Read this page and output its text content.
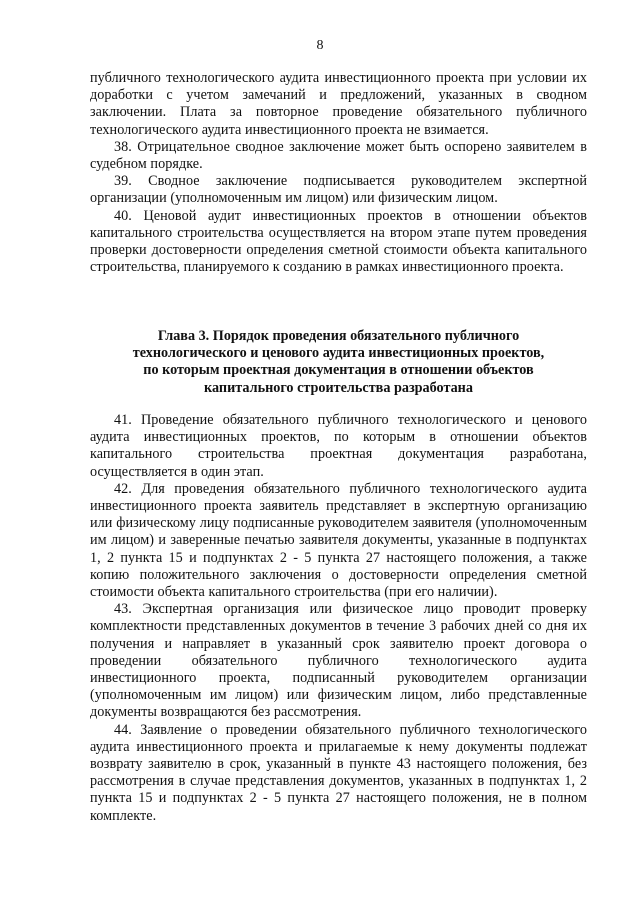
8

публичного технологического аудита инвестиционного проекта при условии их доработки с учетом замечаний и предложений, указанных в сводном заключении. Плата за повторное проведение обязательного публичного технологического аудита инвестиционного проекта не взимается.

38. Отрицательное сводное заключение может быть оспорено заявителем в судебном порядке.

39. Сводное заключение подписывается руководителем экспертной организации (уполномоченным им лицом) или физическим лицом.

40. Ценовой аудит инвестиционных проектов в отношении объектов капитального строительства осуществляется на втором этапе путем проведения проверки достоверности определения сметной стоимости объекта капитального строительства, планируемого к созданию в рамках инвестиционного проекта.

Глава 3. Порядок проведения обязательного публичного
технологического и ценового аудита инвестиционных проектов,
по которым проектная документация в отношении объектов
капитального строительства разработана

41. Проведение обязательного публичного технологического и ценового аудита инвестиционных проектов, по которым в отношении объектов капитального строительства проектная документация разработана, осуществляется в один этап.

42. Для проведения обязательного публичного технологического аудита инвестиционного проекта заявитель представляет в экспертную организацию или физическому лицу подписанные руководителем заявителя (уполномоченным им лицом) и заверенные печатью заявителя документы, указанные в подпунктах 1, 2 пункта 15 и подпунктах 2 - 5 пункта 27 настоящего положения, а также копию положительного заключения о достоверности определения сметной стоимости объекта капитального строительства (при его наличии).

43. Экспертная организация или физическое лицо проводит проверку комплектности представленных документов в течение 3 рабочих дней со дня их получения и направляет в указанный срок заявителю проект договора о проведении обязательного публичного технологического аудита инвестиционного проекта, подписанный руководителем организации (уполномоченным им лицом) или физическим лицом, либо представленные документы возвращаются без рассмотрения.

44. Заявление о проведении обязательного публичного технологического аудита инвестиционного проекта и прилагаемые к нему документы подлежат возврату заявителю в срок, указанный в пункте 43 настоящего положения, без рассмотрения в случае представления документов, указанных в подпунктах 1, 2 пункта 15 и подпунктах 2 - 5 пункта 27 настоящего положения, не в полном комплекте.
